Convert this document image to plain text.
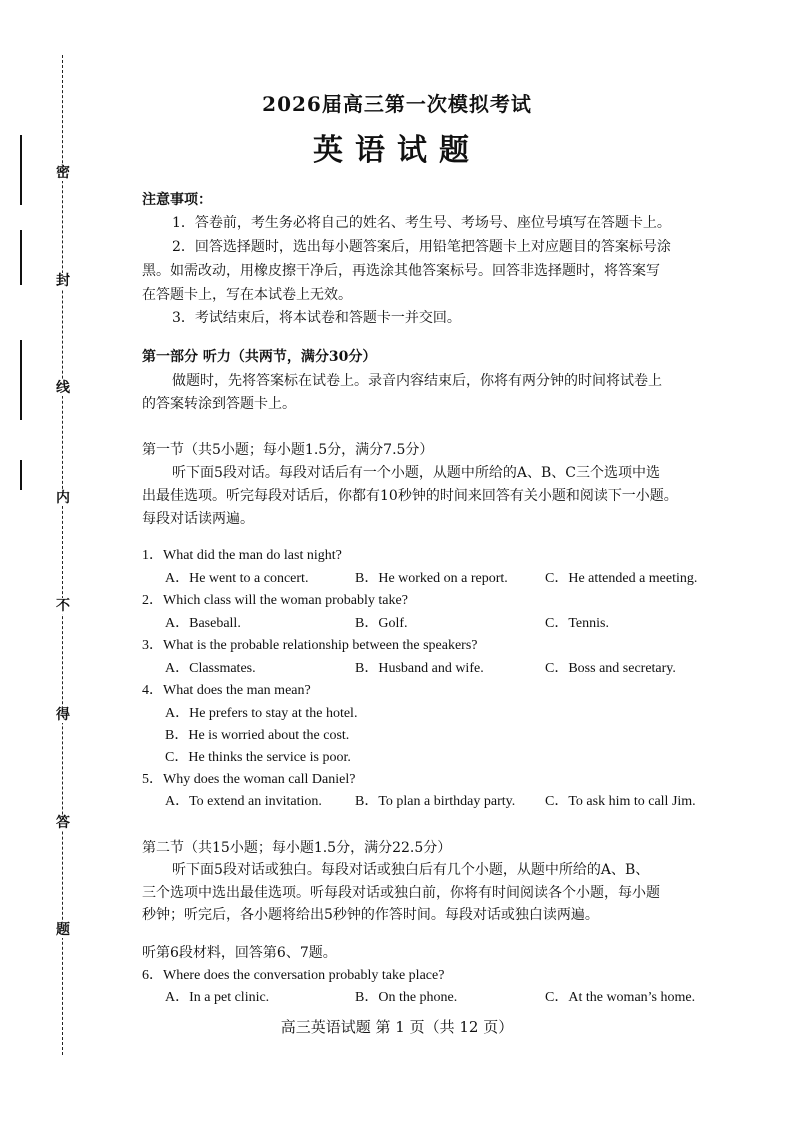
密
封
线
内
不
得
答
题
2026届高三第一次模拟考试
英语试题
注意事项：
1．答卷前，考生务必将自己的姓名、考生号、考场号、座位号填写在答题卡上。
2．回答选择题时，选出每小题答案后，用铅笔把答题卡上对应题目的答案标号涂
黑。如需改动，用橡皮擦干净后，再选涂其他答案标号。回答非选择题时，将答案写
在答题卡上，写在本试卷上无效。
3．考试结束后，将本试卷和答题卡一并交回。
第一部分 听力（共两节，满分30分）
做题时，先将答案标在试卷上。录音内容结束后，你将有两分钟的时间将试卷上
的答案转涂到答题卡上。
第一节（共5小题；每小题1.5分，满分7.5分）
听下面5段对话。每段对话后有一个小题，从题中所给的A、B、C三个选项中选
出最佳选项。听完每段对话后，你都有10秒钟的时间来回答有关小题和阅读下一小题。
每段对话读两遍。
1．What did the man do last night?
A．He went to a concert.	B．He worked on a report.	C．He attended a meeting.
2．Which class will the woman probably take?
A．Baseball.	B．Golf.	C．Tennis.
3．What is the probable relationship between the speakers?
A．Classmates.	B．Husband and wife.	C．Boss and secretary.
4．What does the man mean?
A．He prefers to stay at the hotel.
B．He is worried about the cost.
C．He thinks the service is poor.
5．Why does the woman call Daniel?
A．To extend an invitation. B．To plan a birthday party. C．To ask him to call Jim.
第二节（共15小题；每小题1.5分，满分22.5分）
听下面5段对话或独白。每段对话或独白后有几个小题，从题中所给的A、B、
三个选项中选出最佳选项。听每段对话或独白前，你将有时间阅读各个小题，每小题
秒钟；听完后，各小题将给出5秒钟的作答时间。每段对话或独白读两遍。
听第6段材料，回答第6、7题。
6．Where does the conversation probably take place?
A．In a pet clinic.	B．On the phone.	C．At the woman’s home.
高三英语试题 第 1 页（共 12 页）
